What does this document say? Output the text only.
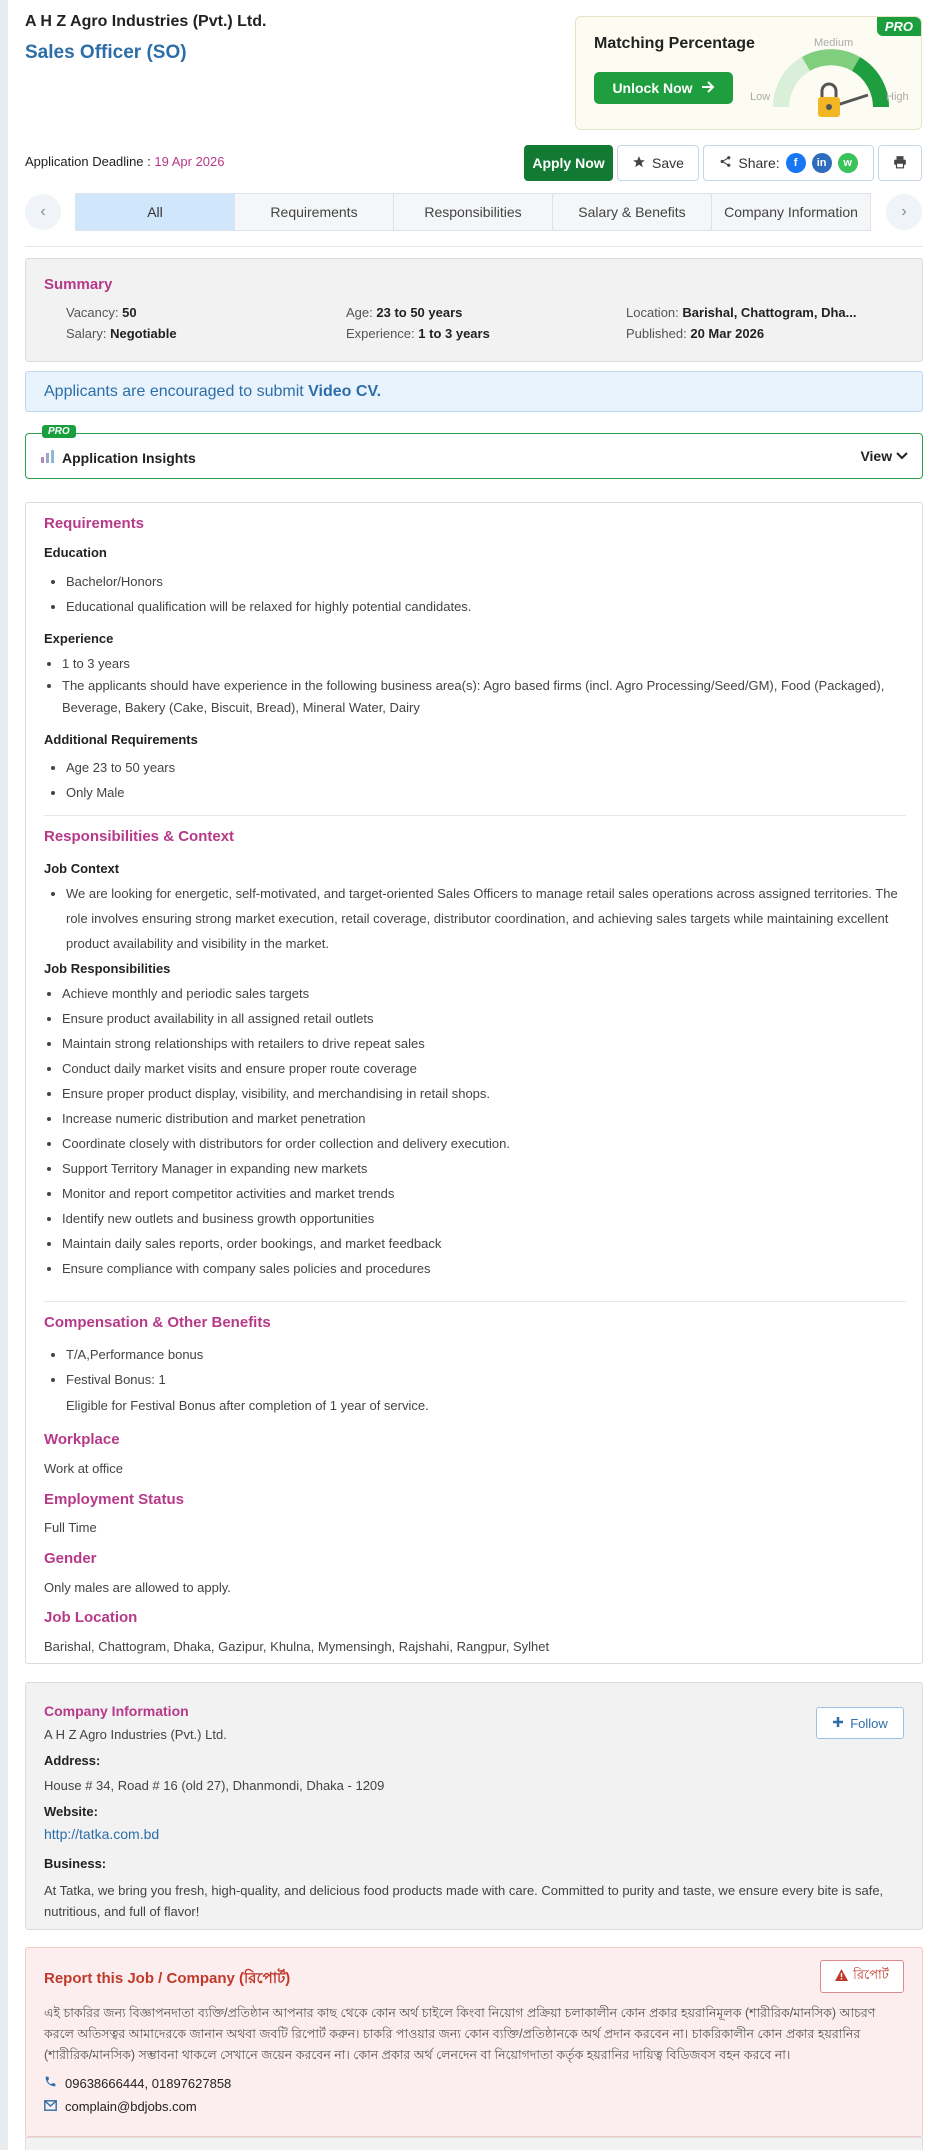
A H Z Agro Industries (Pvt.) Ltd.
Sales Officer (SO)
PRO
Matching Percentage
Unlock Now
Low
Medium
High
Application Deadline : 19 Apr 2026	Apply Now	Save	Share:	f	in	w
‹	All	Requirements	Responsibilities	Salary & Benefits	Company Information	›
Summary
Vacancy: 50	Age: 23 to 50 years	Location: Barishal, Chattogram, Dha...
Salary: Negotiable	Experience: 1 to 3 years	Published: 20 Mar 2026
Applicants are encouraged to submit Video CV.
PRO
Application Insights	View
Requirements
Education
• Bachelor/Honors
• Educational qualification will be relaxed for highly potential candidates.
Experience
• 1 to 3 years
• The applicants should have experience in the following business area(s): Agro based firms (incl. Agro Processing/Seed/GM), Food (Packaged), Beverage, Bakery (Cake, Biscuit, Bread), Mineral Water, Dairy
Additional Requirements
• Age 23 to 50 years
• Only Male
Responsibilities & Context
Job Context
• We are looking for energetic, self-motivated, and target-oriented Sales Officers to manage retail sales operations across assigned territories. The role involves ensuring strong market execution, retail coverage, distributor coordination, and achieving sales targets while maintaining excellent product availability and visibility in the market.
Job Responsibilities
• Achieve monthly and periodic sales targets
• Ensure product availability in all assigned retail outlets
• Maintain strong relationships with retailers to drive repeat sales
• Conduct daily market visits and ensure proper route coverage
• Ensure proper product display, visibility, and merchandising in retail shops.
• Increase numeric distribution and market penetration
• Coordinate closely with distributors for order collection and delivery execution.
• Support Territory Manager in expanding new markets
• Monitor and report competitor activities and market trends
• Identify new outlets and business growth opportunities
• Maintain daily sales reports, order bookings, and market feedback
• Ensure compliance with company sales policies and procedures
Compensation & Other Benefits
• T/A,Performance bonus
• Festival Bonus: 1
Eligible for Festival Bonus after completion of 1 year of service.
Workplace
Work at office
Employment Status
Full Time
Gender
Only males are allowed to apply.
Job Location
Barishal, Chattogram, Dhaka, Gazipur, Khulna, Mymensingh, Rajshahi, Rangpur, Sylhet
Company Information
Follow
A H Z Agro Industries (Pvt.) Ltd.
Address:
House # 34, Road # 16 (old 27), Dhanmondi, Dhaka - 1209
Website:
http://tatka.com.bd
Business:
At Tatka, we bring you fresh, high-quality, and delicious food products made with care. Committed to purity and taste, we ensure every bite is safe, nutritious, and full of flavor!
Report this Job / Company (রিপোর্ট)	রিপোর্ট
এই চাকরির জন্য বিজ্ঞাপনদাতা ব্যক্তি/প্রতিষ্ঠান আপনার কাছ থেকে কোন অর্থ চাইলে কিংবা নিয়োগ প্রক্রিয়া চলাকালীন কোন প্রকার হয়রানিমূলক (শারীরিক/মানসিক) আচরণ করলে অতিসত্বর আমাদেরকে জানান অথবা জবটি রিপোর্ট করুন। চাকরি পাওয়ার জন্য কোন ব্যক্তি/প্রতিষ্ঠানকে অর্থ প্রদান করবেন না। চাকরিকালীন কোন প্রকার হয়রানির (শারীরিক/মানসিক) সম্ভাবনা থাকলে সেখানে জয়েন করবেন না। কোন প্রকার অর্থ লেনদেন বা নিয়োগদাতা কর্তৃক হয়রানির দায়িত্ব বিডিজবস বহন করবে না।
09638666444, 01897627858
complain@bdjobs.com
